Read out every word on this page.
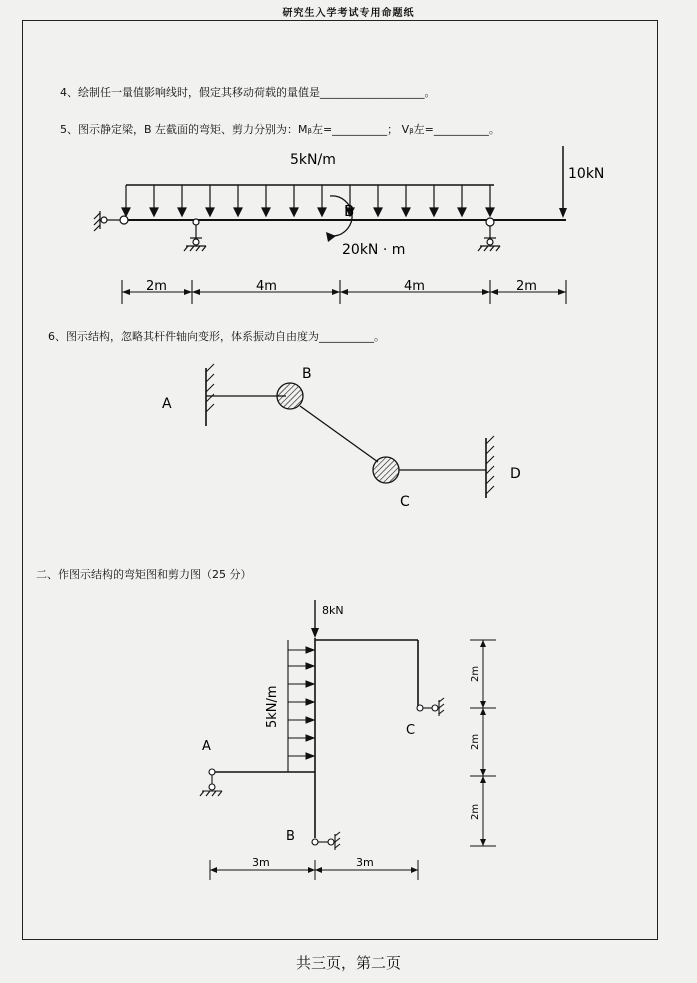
研究生入学考试专用命题纸
4、绘制任一量值影响线时，假定其移动荷载的量值是___________________。
5、图示静定梁，B 左截面的弯矩、剪力分别为：Mᵦ左=__________； Vᵦ左=__________。
5kN/m
10kN
B
20kN · m
2m	4m	4m	2m
6、图示结构，忽略其杆件轴向变形，体系振动自由度为__________。
A
B
C
D
二、作图示结构的弯矩图和剪力图（25 分）
8kN
C
5kN/m
A
B
3m	3m
2m
2m
2m
共三页，第二页
